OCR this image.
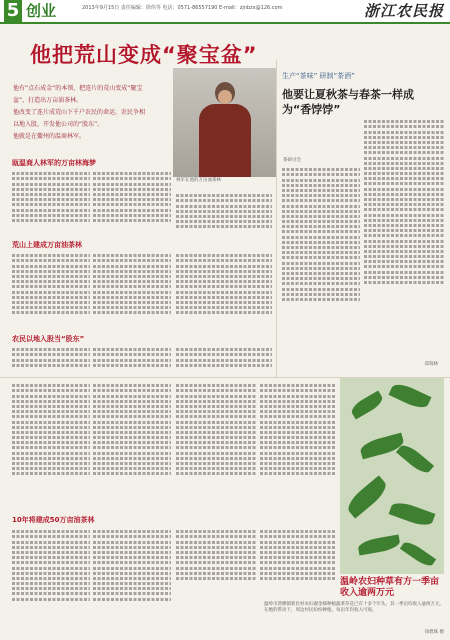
5 创业	2013年9月15日 责任编辑：徐伟等 电话：0571-86557190 E-mail：zjnbzx@126.com	浙江农民报
他把荒山变成“聚宝盆”
他有“点石成金”的本领，把连片的荒山变成“聚宝
盆”，打造出万亩油茶林。
他改变了连片成荒山下千户农民的命运，农民争相
以地入股，开发他公司的“股东”。
他就是在衢州的温商林军。
林军在他的万亩油茶林
瓯温商人林军的万亩林海梦
荒山上建成万亩油茶林
农民以地入股当“股东”
10年将建成50万亩油茶林
生产“茶味” 研制“茶酒”
他要让夏秋茶与春茶一样成为“香饽饽”
茶研讨会
郑瑞林
温岭农妇种草有方一季亩收入逾两万元
温岭市箬横镇新民村农妇谢金娣种植蔬菜草花已有十多个年头，其一季亩均收入逾两万元。在她的带动下，周边村民纷纷种植，每亩年均收入可观。
徐碧珠 摄
